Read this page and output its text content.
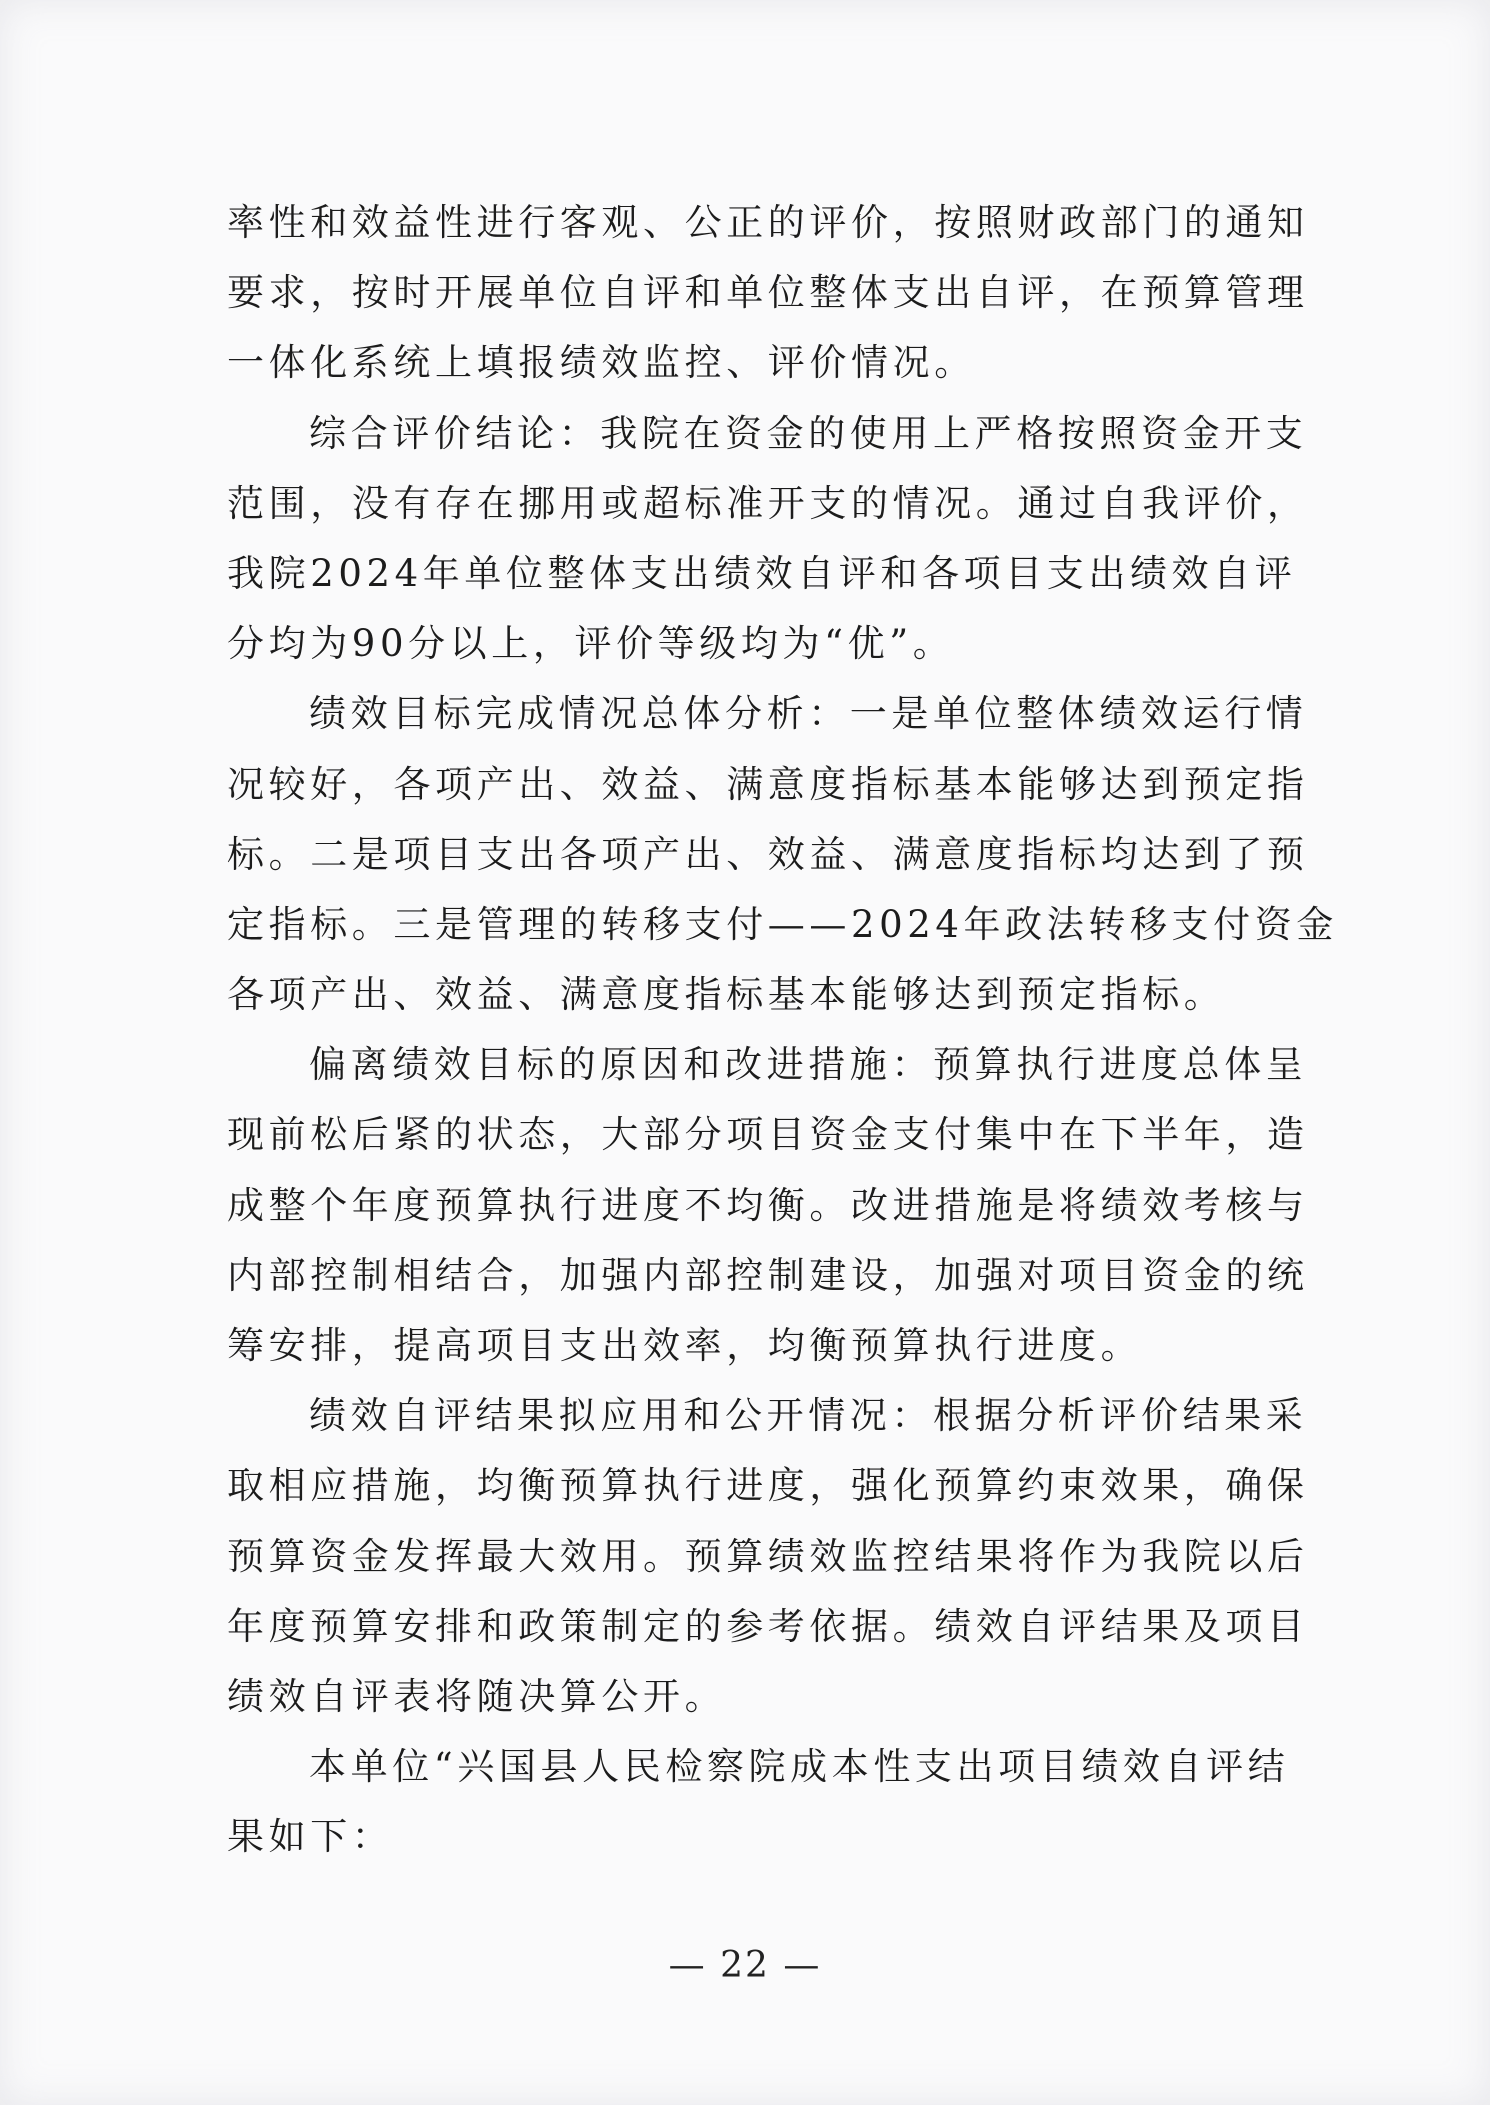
率性和效益性进行客观、公正的评价，按照财政部门的通知
要求，按时开展单位自评和单位整体支出自评，在预算管理
一体化系统上填报绩效监控、评价情况。
综合评价结论：我院在资金的使用上严格按照资金开支
范围，没有存在挪用或超标准开支的情况。通过自我评价，
我院2024年单位整体支出绩效自评和各项目支出绩效自评
分均为90分以上，评价等级均为“优”。
绩效目标完成情况总体分析：一是单位整体绩效运行情
况较好，各项产出、效益、满意度指标基本能够达到预定指
标。二是项目支出各项产出、效益、满意度指标均达到了预
定指标。三是管理的转移支付——2024年政法转移支付资金
各项产出、效益、满意度指标基本能够达到预定指标。
偏离绩效目标的原因和改进措施：预算执行进度总体呈
现前松后紧的状态，大部分项目资金支付集中在下半年，造
成整个年度预算执行进度不均衡。改进措施是将绩效考核与
内部控制相结合，加强内部控制建设，加强对项目资金的统
筹安排，提高项目支出效率，均衡预算执行进度。
绩效自评结果拟应用和公开情况：根据分析评价结果采
取相应措施，均衡预算执行进度，强化预算约束效果，确保
预算资金发挥最大效用。预算绩效监控结果将作为我院以后
年度预算安排和政策制定的参考依据。绩效自评结果及项目
绩效自评表将随决算公开。
本单位“兴国县人民检察院成本性支出项目绩效自评结
果如下：
— 22 —
